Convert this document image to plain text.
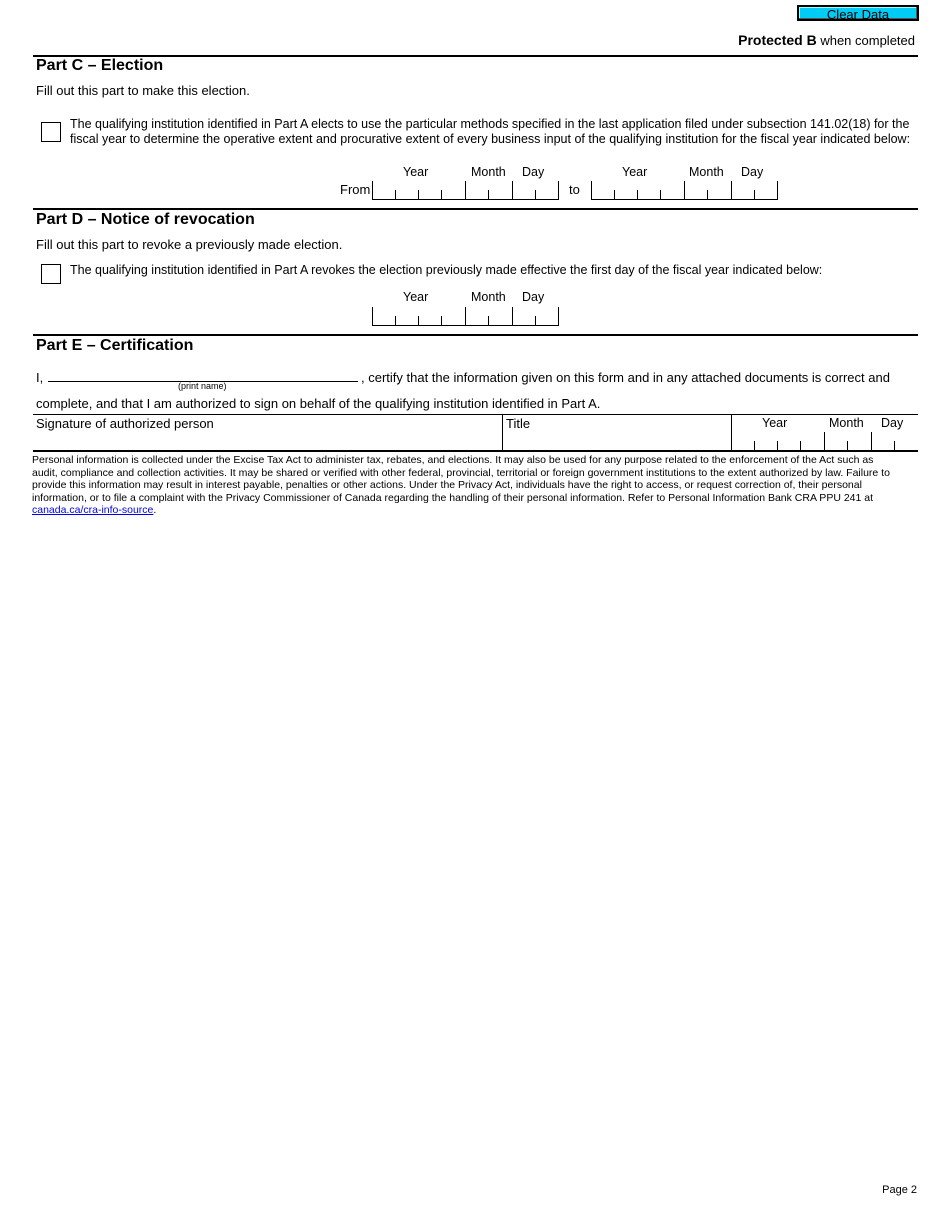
Clear Data
Protected B when completed
Part C – Election
Fill out this part to make this election.
The qualifying institution identified in Part A elects to use the particular methods specified in the last application filed under subsection 141.02(18) for the fiscal year to determine the operative extent and procurative extent of every business input of the qualifying institution for the fiscal year indicated below:
Year	Month Day	Year	Month Day
From	to
Part D – Notice of revocation
Fill out this part to revoke a previously made election.
The qualifying institution identified in Part A revokes the election previously made effective the first day of the fiscal year indicated below:
Year	Month Day
Part E – Certification
I,
(print name)
, certify that the information given on this form and in any attached documents is correct and
complete, and that I am authorized to sign on behalf of the qualifying institution identified in Part A.
Signature of authorized person	Title	Year	Month Day
Personal information is collected under the Excise Tax Act to administer tax, rebates, and elections. It may also be used for any purpose related to the enforcement of the Act such as audit, compliance and collection activities. It may be shared or verified with other federal, provincial, territorial or foreign government institutions to the extent authorized by law. Failure to provide this information may result in interest payable, penalties or other actions. Under the Privacy Act, individuals have the right to access, or request correction of, their personal information, or to file a complaint with the Privacy Commissioner of Canada regarding the handling of their personal information. Refer to Personal Information Bank CRA PPU 241 at canada.ca/cra-info-source.
Page 2
